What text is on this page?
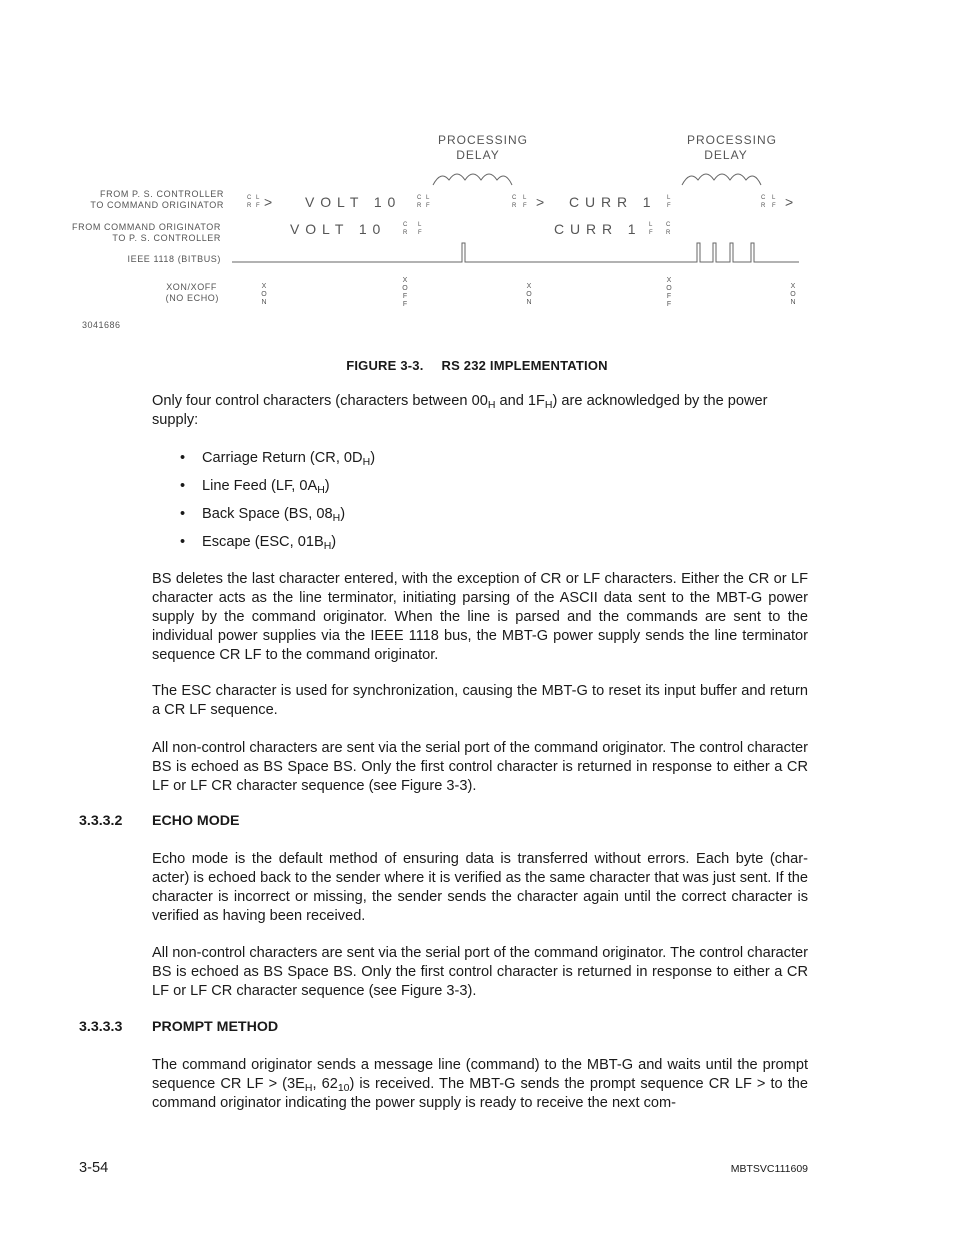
PROCESSING
DELAY
PROCESSING
DELAY
FROM P. S. CONTROLLER
TO COMMAND ORIGINATOR
FROM COMMAND ORIGINATOR
TO P. S. CONTROLLER
IEEE 1118 (BITBUS)
XON/XOFF
(NO ECHO)
C
R
L
F
C
R
L
F
C
R
L
F
L
F
C
R
L
F
> V O L T   1 0	> C U R R   1	>
V O L T   1 0	C U R R   1
C
R
L
F
L
F
C
R
X
O
N
X
O
F
F
X
O
N
X
O
F
F
X
O
N
3041686
FIGURE 3-3. RS 232 IMPLEMENTATION
Only four control characters (characters between $00_H$ and $1F_H$) are acknowledged by the power supply:
• Carriage Return (CR, $0D_H$)
• Line Feed (LF, $0A_H$)
• Back Space (BS, $08_H$)
• Escape (ESC, $01B_H$)
BS deletes the last character entered, with the exception of CR or LF characters. Either the CR or LF character acts as the line terminator, initiating parsing of the ASCII data sent to the MBT-G power supply by the command originator. When the line is parsed and the commands are sent to the individual power supplies via the IEEE 1118 bus, the MBT-G power supply sends the line terminator sequence CR LF to the command originator.
The ESC character is used for synchronization, causing the MBT-G to reset its input buffer and return a CR LF sequence.
All non-control characters are sent via the serial port of the command originator. The control character BS is echoed as BS Space BS. Only the first control character is returned in response to either a CR LF or LF CR character sequence (see Figure 3-3).
3.3.3.2 ECHO MODE
Echo mode is the default method of ensuring data is transferred without errors. Each byte (char-acter) is echoed back to the sender where it is verified as the same character that was just sent. If the character is incorrect or missing, the sender sends the character again until the correct character is verified as having been received.
All non-control characters are sent via the serial port of the command originator. The control character BS is echoed as BS Space BS. Only the first control character is returned in response to either a CR LF or LF CR character sequence (see Figure 3-3).
3.3.3.3 PROMPT METHOD
The command originator sends a message line (command) to the MBT-G and waits until the prompt sequence CR LF > ($3E_H$, $62_{10}$) is received. The MBT-G sends the prompt sequence CR LF > to the command originator indicating the power supply is ready to receive the next com-
3-54	MBTSVC111609
